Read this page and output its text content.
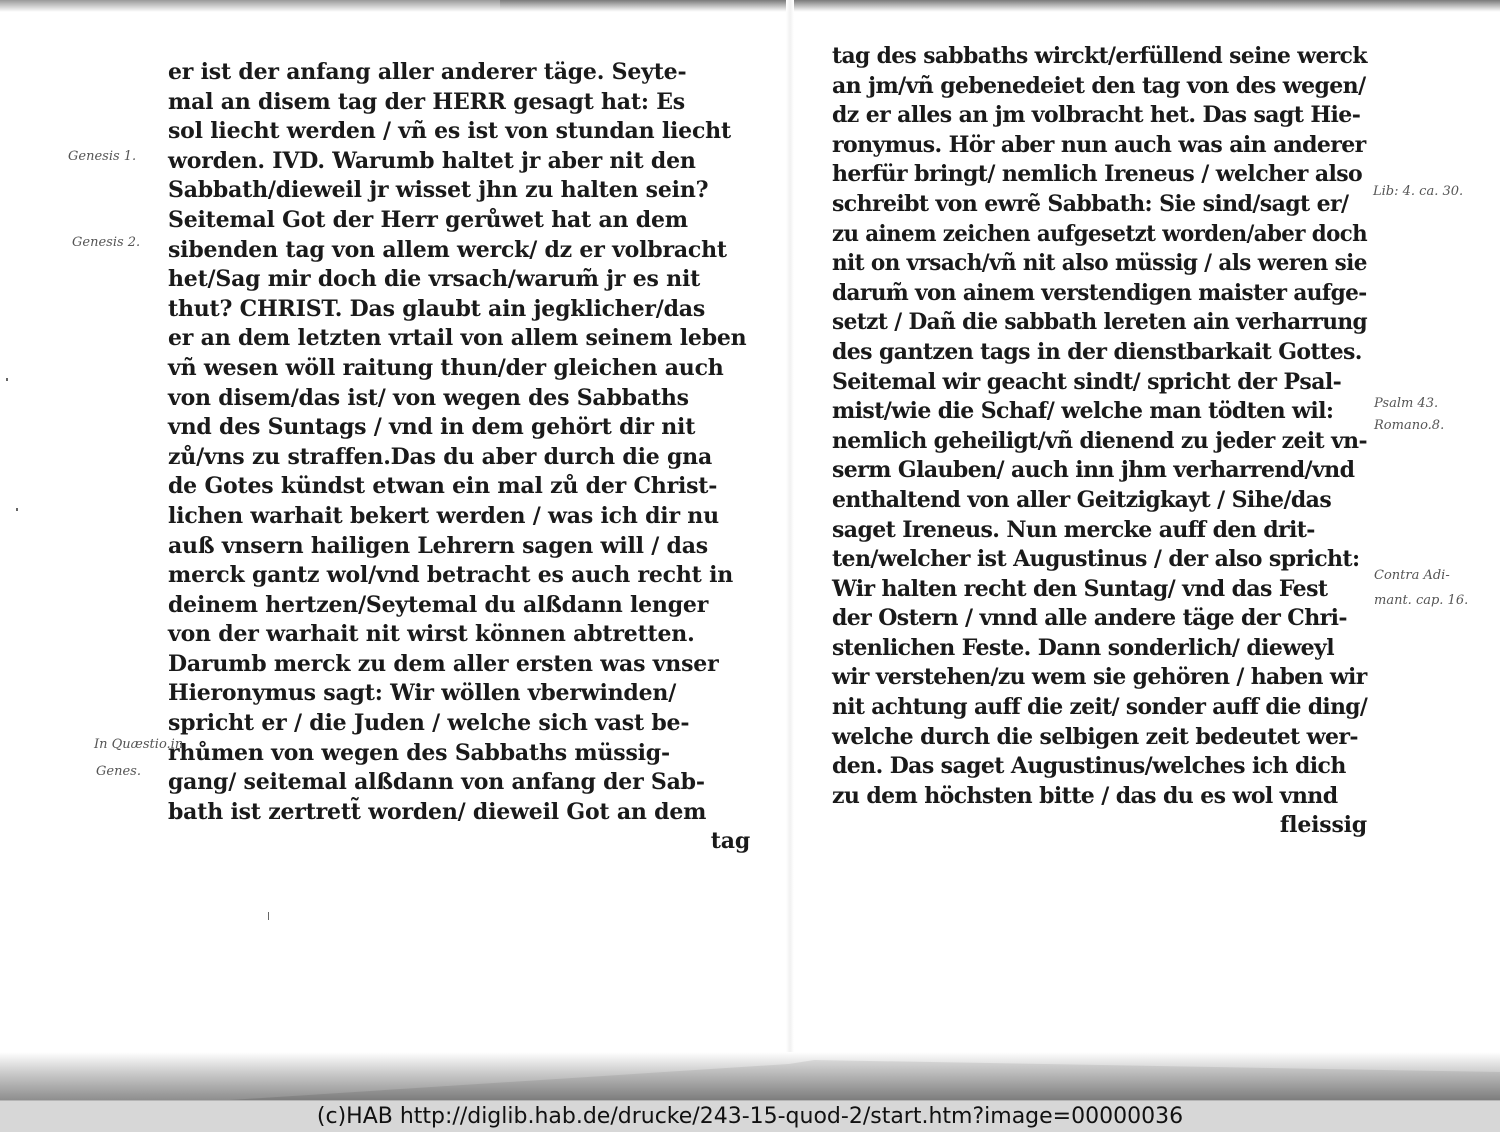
er ist der anfang aller anderer täge. Seyte-
mal an disem tag der HERR gesagt hat: Es
sol liecht werden / vñ es ist von stundan liecht
worden. IVD. Warumb haltet jr aber nit den
Sabbath/dieweil jr wisset jhn zu halten sein?
Seitemal Got der Herr gerůwet hat an dem
sibenden tag von allem werck/ dz er volbracht
het/Sag mir doch die vrsach/warum̃ jr es nit
thut? CHRIST. Das glaubt ain jegklicher/das
er an dem letzten vrtail von allem seinem leben
vñ wesen wöll raitung thun/der gleichen auch
von disem/das ist/ von wegen des Sabbaths
vnd des Suntags / vnd in dem gehört dir nit
zů/vns zu straffen.Das du aber durch die gna
de Gotes kündst etwan ein mal zů der Christ-
lichen warhait bekert werden / was ich dir nu
auß vnsern hailigen Lehrern sagen will / das
merck gantz wol/vnd betracht es auch recht in
deinem hertzen/Seytemal du alßdann lenger
von der warhait nit wirst können abtretten.
Darumb merck zu dem aller ersten was vnser
Hieronymus sagt: Wir wöllen vberwinden/
spricht er / die Juden / welche sich vast be-
rhůmen von wegen des Sabbaths müssig-
gang/ seitemal alßdann von anfang der Sab-
bath ist zertrett̃ worden/ dieweil Got an dem
tag
Genesis 1.
Genesis 2.
In Quæstio.in
Genes.
tag des sabbaths wirckt/erfüllend seine werck
an jm/vñ gebenedeiet den tag von des wegen/
dz er alles an jm volbracht het. Das sagt Hie-
ronymus. Hör aber nun auch was ain anderer
herfür bringt/ nemlich Ireneus / welcher also
schreibt von ewrẽ Sabbath: Sie sind/sagt er/
zu ainem zeichen aufgesetzt worden/aber doch
nit on vrsach/vñ nit also müssig / als weren sie
darum̃ von ainem verstendigen maister aufge-
setzt / Dañ die sabbath lereten ain verharrung
des gantzen tags in der dienstbarkait Gottes.
Seitemal wir geacht sindt/ spricht der Psal-
mist/wie die Schaf/ welche man tödten wil:
nemlich geheiligt/vñ dienend zu jeder zeit vn-
serm Glauben/ auch inn jhm verharrend/vnd
enthaltend von aller Geitzigkayt / Sihe/das
saget Ireneus. Nun mercke auff den drit-
ten/welcher ist Augustinus / der also spricht:
Wir halten recht den Suntag/ vnd das Fest
der Ostern / vnnd alle andere täge der Chri-
stenlichen Feste. Dann sonderlich/ dieweyl
wir verstehen/zu wem sie gehören / haben wir
nit achtung auff die zeit/ sonder auff die ding/
welche durch die selbigen zeit bedeutet wer-
den. Das saget Augustinus/welches ich dich
zu dem höchsten bitte / das du es wol vnnd
fleissig
Lib: 4. ca. 30.
Psalm 43.
Romano.8.
Contra Adi-
mant. cap. 16.
(c)HAB http://diglib.hab.de/drucke/243-15-quod-2/start.htm?image=00000036
